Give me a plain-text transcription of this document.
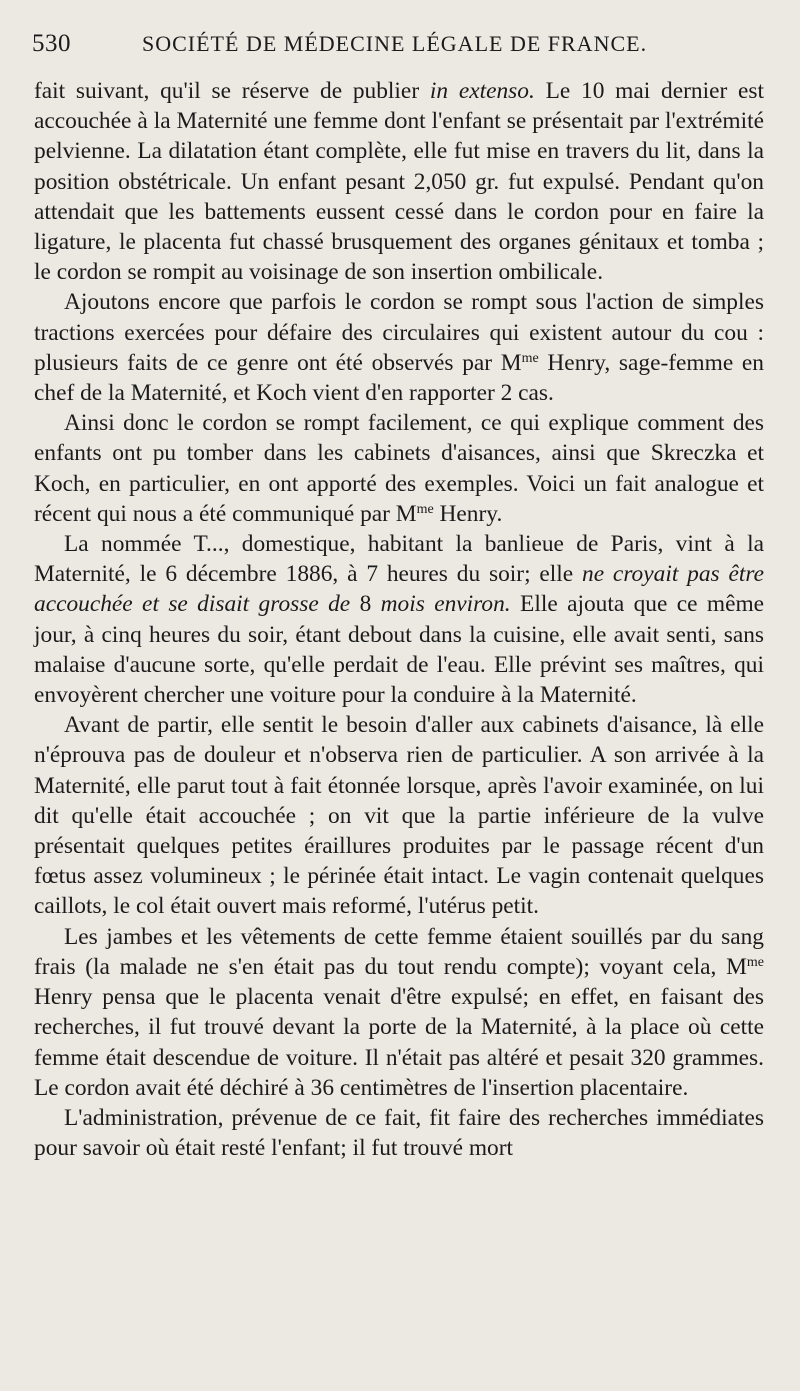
530	SOCIÉTÉ DE MÉDECINE LÉGALE DE FRANCE.

fait suivant, qu'il se réserve de publier in extenso. Le 10 mai dernier est accouchée à la Maternité une femme dont l'enfant se présentait par l'extrémité pelvienne. La dilatation étant complète, elle fut mise en travers du lit, dans la position obstétricale. Un enfant pesant 2,050 gr. fut expulsé. Pendant qu'on attendait que les battements eussent cessé dans le cordon pour en faire la ligature, le placenta fut chassé brusquement des organes génitaux et tomba ; le cordon se rompit au voisinage de son insertion ombilicale.

Ajoutons encore que parfois le cordon se rompt sous l'action de simples tractions exercées pour défaire des circulaires qui existent autour du cou : plusieurs faits de ce genre ont été observés par $M^{me}$ Henry, sage-femme en chef de la Maternité, et Koch vient d'en rapporter 2 cas.

Ainsi donc le cordon se rompt facilement, ce qui explique comment des enfants ont pu tomber dans les cabinets d'aisances, ainsi que Skreczka et Koch, en particulier, en ont apporté des exemples. Voici un fait analogue et récent qui nous a été communiqué par $M^{me}$ Henry.

La nommée T..., domestique, habitant la banlieue de Paris, vint à la Maternité, le 6 décembre 1886, à 7 heures du soir; elle ne croyait pas être accouchée et se disait grosse de 8 mois environ. Elle ajouta que ce même jour, à cinq heures du soir, étant debout dans la cuisine, elle avait senti, sans malaise d'aucune sorte, qu'elle perdait de l'eau. Elle prévint ses maîtres, qui envoyèrent chercher une voiture pour la conduire à la Maternité.

Avant de partir, elle sentit le besoin d'aller aux cabinets d'aisance, là elle n'éprouva pas de douleur et n'observa rien de particulier. A son arrivée à la Maternité, elle parut tout à fait étonnée lorsque, après l'avoir examinée, on lui dit qu'elle était accouchée ; on vit que la partie inférieure de la vulve présentait quelques petites éraillures produites par le passage récent d'un fœtus assez volumineux ; le périnée était intact. Le vagin contenait quelques caillots, le col était ouvert mais reformé, l'utérus petit.

Les jambes et les vêtements de cette femme étaient souillés par du sang frais (la malade ne s'en était pas du tout rendu compte); voyant cela, $M^{me}$ Henry pensa que le placenta venait d'être expulsé; en effet, en faisant des recherches, il fut trouvé devant la porte de la Maternité, à la place où cette femme était descendue de voiture. Il n'était pas altéré et pesait 320 grammes. Le cordon avait été déchiré à 36 centimètres de l'insertion placentaire.

L'administration, prévenue de ce fait, fit faire des recherches immédiates pour savoir où était resté l'enfant; il fut trouvé mort
